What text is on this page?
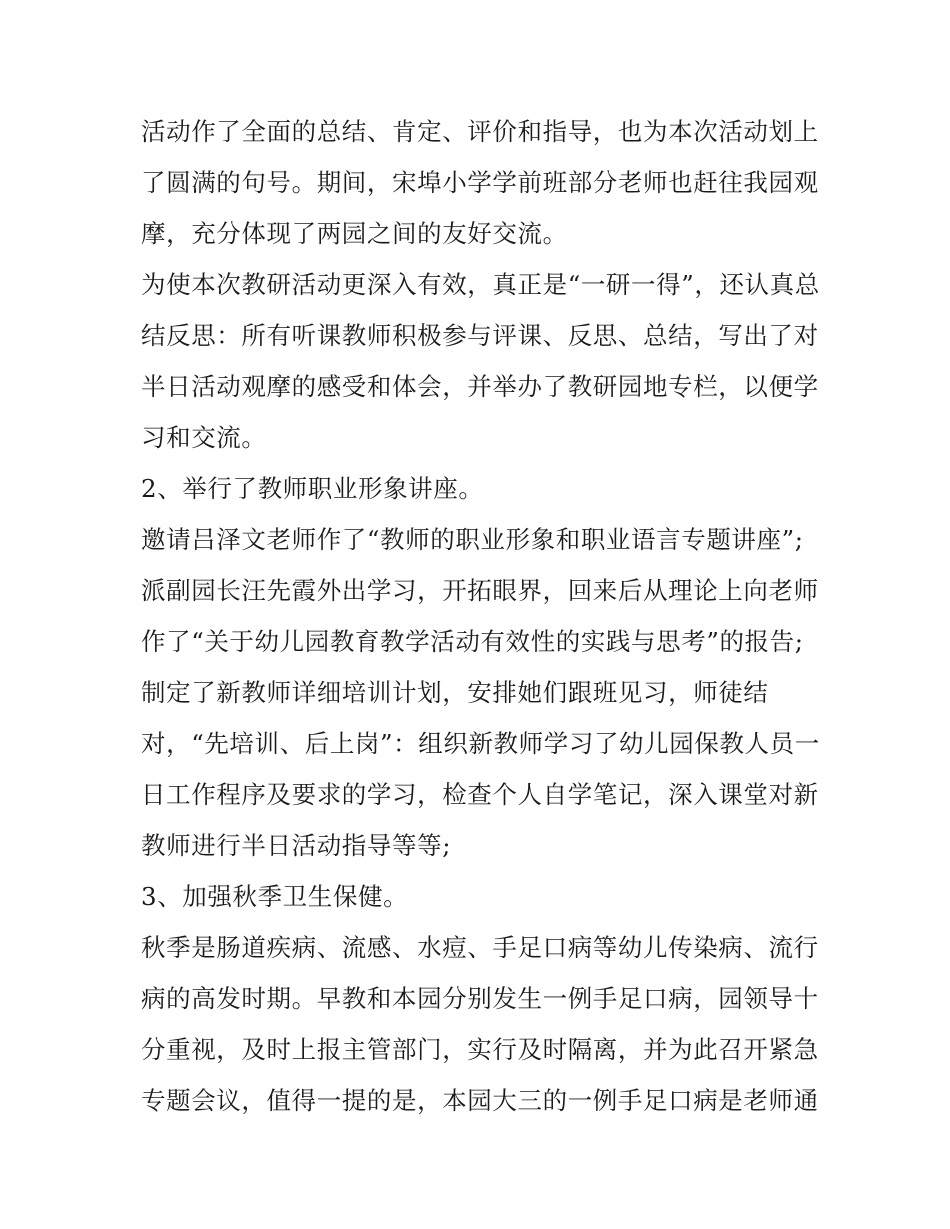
活动作了全面的总结、肯定、评价和指导，也为本次活动划上
了圆满的句号。期间，宋埠小学学前班部分老师也赶往我园观
摩，充分体现了两园之间的友好交流。
为使本次教研活动更深入有效，真正是“一研一得”，还认真总
结反思：所有听课教师积极参与评课、反思、总结，写出了对
半日活动观摩的感受和体会，并举办了教研园地专栏，以便学
习和交流。
2、举行了教师职业形象讲座。
邀请吕泽文老师作了“教师的职业形象和职业语言专题讲座”;
派副园长汪先霞外出学习，开拓眼界，回来后从理论上向老师
作了“关于幼儿园教育教学活动有效性的实践与思考”的报告;
制定了新教师详细培训计划，安排她们跟班见习，师徒结
对，“先培训、后上岗”：组织新教师学习了幼儿园保教人员一
日工作程序及要求的学习，检查个人自学笔记，深入课堂对新
教师进行半日活动指导等等;
3、加强秋季卫生保健。
秋季是肠道疾病、流感、水痘、手足口病等幼儿传染病、流行
病的高发时期。早教和本园分别发生一例手足口病，园领导十
分重视，及时上报主管部门，实行及时隔离，并为此召开紧急
专题会议，值得一提的是，本园大三的一例手足口病是老师通
